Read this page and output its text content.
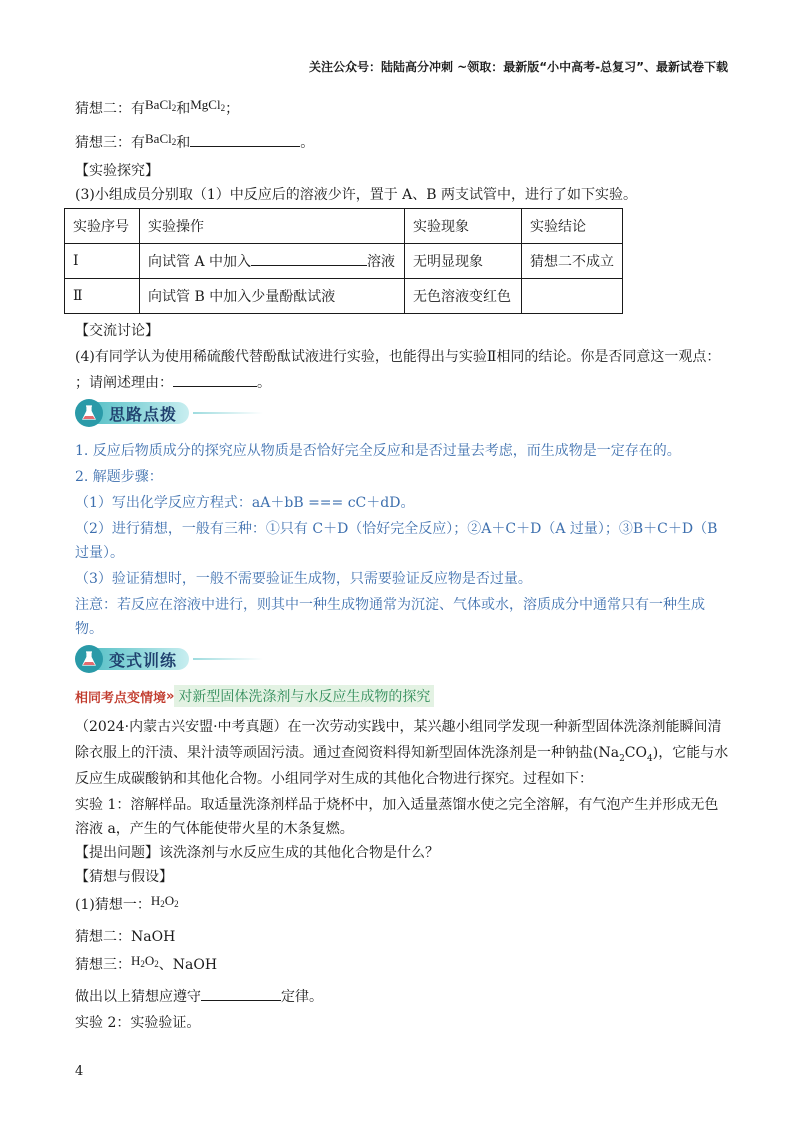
关注公众号：陆陆高分冲刺 ~领取：最新版“小中高考-总复习”、最新试卷下载
猜想二：有BaCl$_2$和MgCl$_2$；
猜想三：有BaCl$_2$和	。
【实验探究】
(3)小组成员分别取（1）中反应后的溶液少许，置于 A、B 两支试管中，进行了如下实验。
实验序号	实验操作	实验现象	实验结论
Ⅰ	向试管 A 中加入 溶液	无明显现象	猜想二不成立
Ⅱ	向试管 B 中加入少量酚酞试液	无色溶液变红色	
【交流讨论】
(4)有同学认为使用稀硫酸代替酚酞试液进行实验，也能得出与实验Ⅱ相同的结论。你是否同意这一观点：
；请阐述理由：	。
思路点拨
1. 反应后物质成分的探究应从物质是否恰好完全反应和是否过量去考虑，而生成物是一定存在的。
2. 解题步骤：
（1）写出化学反应方程式：aA＋bB === cC＋dD。
（2）进行猜想，一般有三种：①只有 C＋D（恰好完全反应）；②A＋C＋D（A 过量）；③B＋C＋D（B
过量）。
（3）验证猜想时，一般不需要验证生成物，只需要验证反应物是否过量。
注意：若反应在溶液中进行，则其中一种生成物通常为沉淀、气体或水，溶质成分中通常只有一种生成
物。
变式训练
相同考点变情境 » 对新型固体洗涤剂与水反应生成物的探究
（2024·内蒙古兴安盟·中考真题）在一次劳动实践中，某兴趣小组同学发现一种新型固体洗涤剂能瞬间清
除衣服上的汗渍、果汁渍等顽固污渍。通过查阅资料得知新型固体洗涤剂是一种钠盐$(Na_2CO_4)$，它能与水
反应生成碳酸钠和其他化合物。小组同学对生成的其他化合物进行探究。过程如下：
实验 1：溶解样品。取适量洗涤剂样品于烧杯中，加入适量蒸馏水使之完全溶解，有气泡产生并形成无色
溶液 a，产生的气体能使带火星的木条复燃。
【提出问题】该洗涤剂与水反应生成的其他化合物是什么？
【猜想与假设】
(1)猜想一：$H_2O_2$
猜想二：NaOH
猜想三：$H_2O_2$、NaOH
做出以上猜想应遵守	定律。
实验 2：实验验证。
4
